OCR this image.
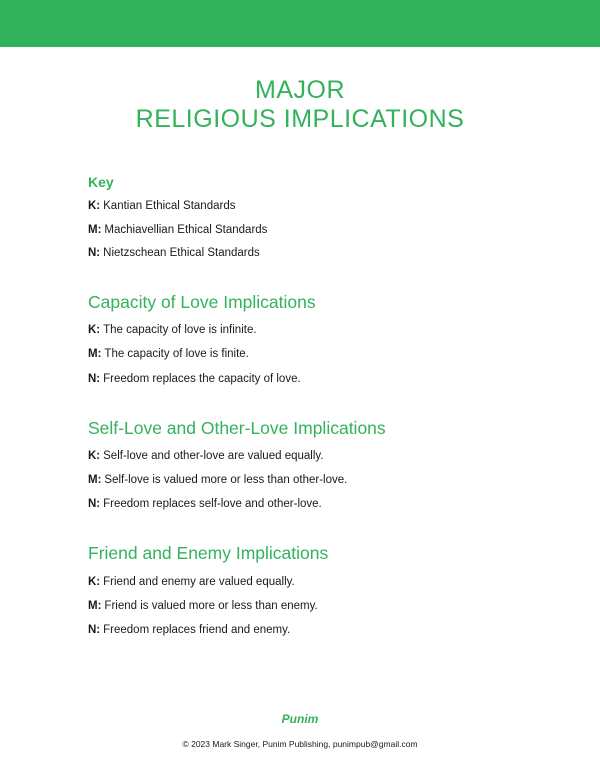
MAJOR
RELIGIOUS IMPLICATIONS
Key
K: Kantian Ethical Standards
M: Machiavellian Ethical Standards
N: Nietzschean Ethical Standards
Capacity of Love Implications
K: The capacity of love is infinite.
M: The capacity of love is finite.
N: Freedom replaces the capacity of love.
Self-Love and Other-Love Implications
K: Self-love and other-love are valued equally.
M: Self-love is valued more or less than other-love.
N: Freedom replaces self-love and other-love.
Friend and Enemy Implications
K: Friend and enemy are valued equally.
M: Friend is valued more or less than enemy.
N: Freedom replaces friend and enemy.
Punim
© 2023 Mark Singer, Punim Publishing, punimpub@gmail.com
